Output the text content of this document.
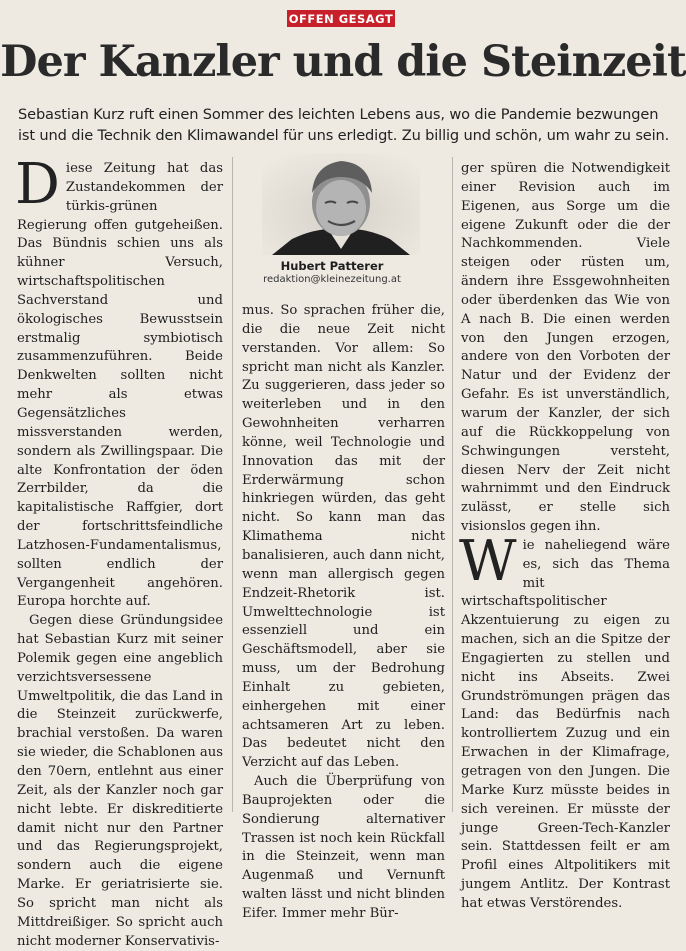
OFFEN GESAGT
Der Kanzler und die Steinzeit
Sebastian Kurz ruft einen Sommer des leichten Lebens aus, wo die Pandemie bezwungen ist und die Technik den Klimawandel für uns erledigt. Zu billig und schön, um wahr zu sein.

Diese Zeitung hat das Zustandekommen der türkis-grünen Regierung offen gutgeheißen. Das Bündnis schien uns als kühner Versuch, wirtschaftspolitischen Sachverstand und ökologisches Bewusstsein erstmalig symbiotisch zusammenzuführen. Beide Denkwelten sollten nicht mehr als etwas Gegensätzliches missverstanden werden, sondern als Zwillingspaar. Die alte Konfrontation der öden Zerrbilder, da die kapitalistische Raffgier, dort der fortschrittsfeindliche Latzhosen-Fundamentalismus, sollten endlich der Vergangenheit angehören. Europa horchte auf.

Gegen diese Gründungsidee hat Sebastian Kurz mit seiner Polemik gegen eine angeblich verzichtsversessene Umweltpolitik, die das Land in die Steinzeit zurückwerfe, brachial verstoßen. Da waren sie wieder, die Schablonen aus den 70ern, entlehnt aus einer Zeit, als der Kanzler noch gar nicht lebte. Er diskreditierte damit nicht nur den Partner und das Regierungsprojekt, sondern auch die eigene Marke. Er geriatrisierte sie. So spricht man nicht als Mittdreißiger. So spricht auch nicht moderner Konservativis-

Hubert Patterer
redaktion@kleinezeitung.at

mus. So sprachen früher die, die die neue Zeit nicht verstanden. Vor allem: So spricht man nicht als Kanzler. Zu suggerieren, dass jeder so weiterleben und in den Gewohnheiten verharren könne, weil Technologie und Innovation das mit der Erderwärmung schon hinkriegen würden, das geht nicht. So kann man das Klimathema nicht banalisieren, auch dann nicht, wenn man allergisch gegen Endzeit-Rhetorik ist. Umwelttechnologie ist essenziell und ein Geschäftsmodell, aber sie muss, um der Bedrohung Einhalt zu gebieten, einhergehen mit einer achtsameren Art zu leben. Das bedeutet nicht den Verzicht auf das Leben.

Auch die Überprüfung von Bauprojekten oder die Sondierung alternativer Trassen ist noch kein Rückfall in die Steinzeit, wenn man Augenmaß und Vernunft walten lässt und nicht blinden Eifer. Immer mehr Bür-

ger spüren die Notwendigkeit einer Revision auch im Eigenen, aus Sorge um die eigene Zukunft oder die der Nachkommenden. Viele steigen oder rüsten um, ändern ihre Essgewohnheiten oder überdenken das Wie von A nach B. Die einen werden von den Jungen erzogen, andere von den Vorboten der Natur und der Evidenz der Gefahr. Es ist unverständlich, warum der Kanzler, der sich auf die Rückkoppelung von Schwingungen versteht, diesen Nerv der Zeit nicht wahrnimmt und den Eindruck zulässt, er stelle sich visionslos gegen ihn.

Wie naheliegend wäre es, sich das Thema mit wirtschaftspolitischer Akzentuierung zu eigen zu machen, sich an die Spitze der Engagierten zu stellen und nicht ins Abseits. Zwei Grundströmungen prägen das Land: das Bedürfnis nach kontrolliertem Zuzug und ein Erwachen in der Klimafrage, getragen von den Jungen. Die Marke Kurz müsste beides in sich vereinen. Er müsste der junge Green-Tech-Kanzler sein. Stattdessen feilt er am Profil eines Altpolitikers mit jungem Antlitz. Der Kontrast hat etwas Verstörendes.
